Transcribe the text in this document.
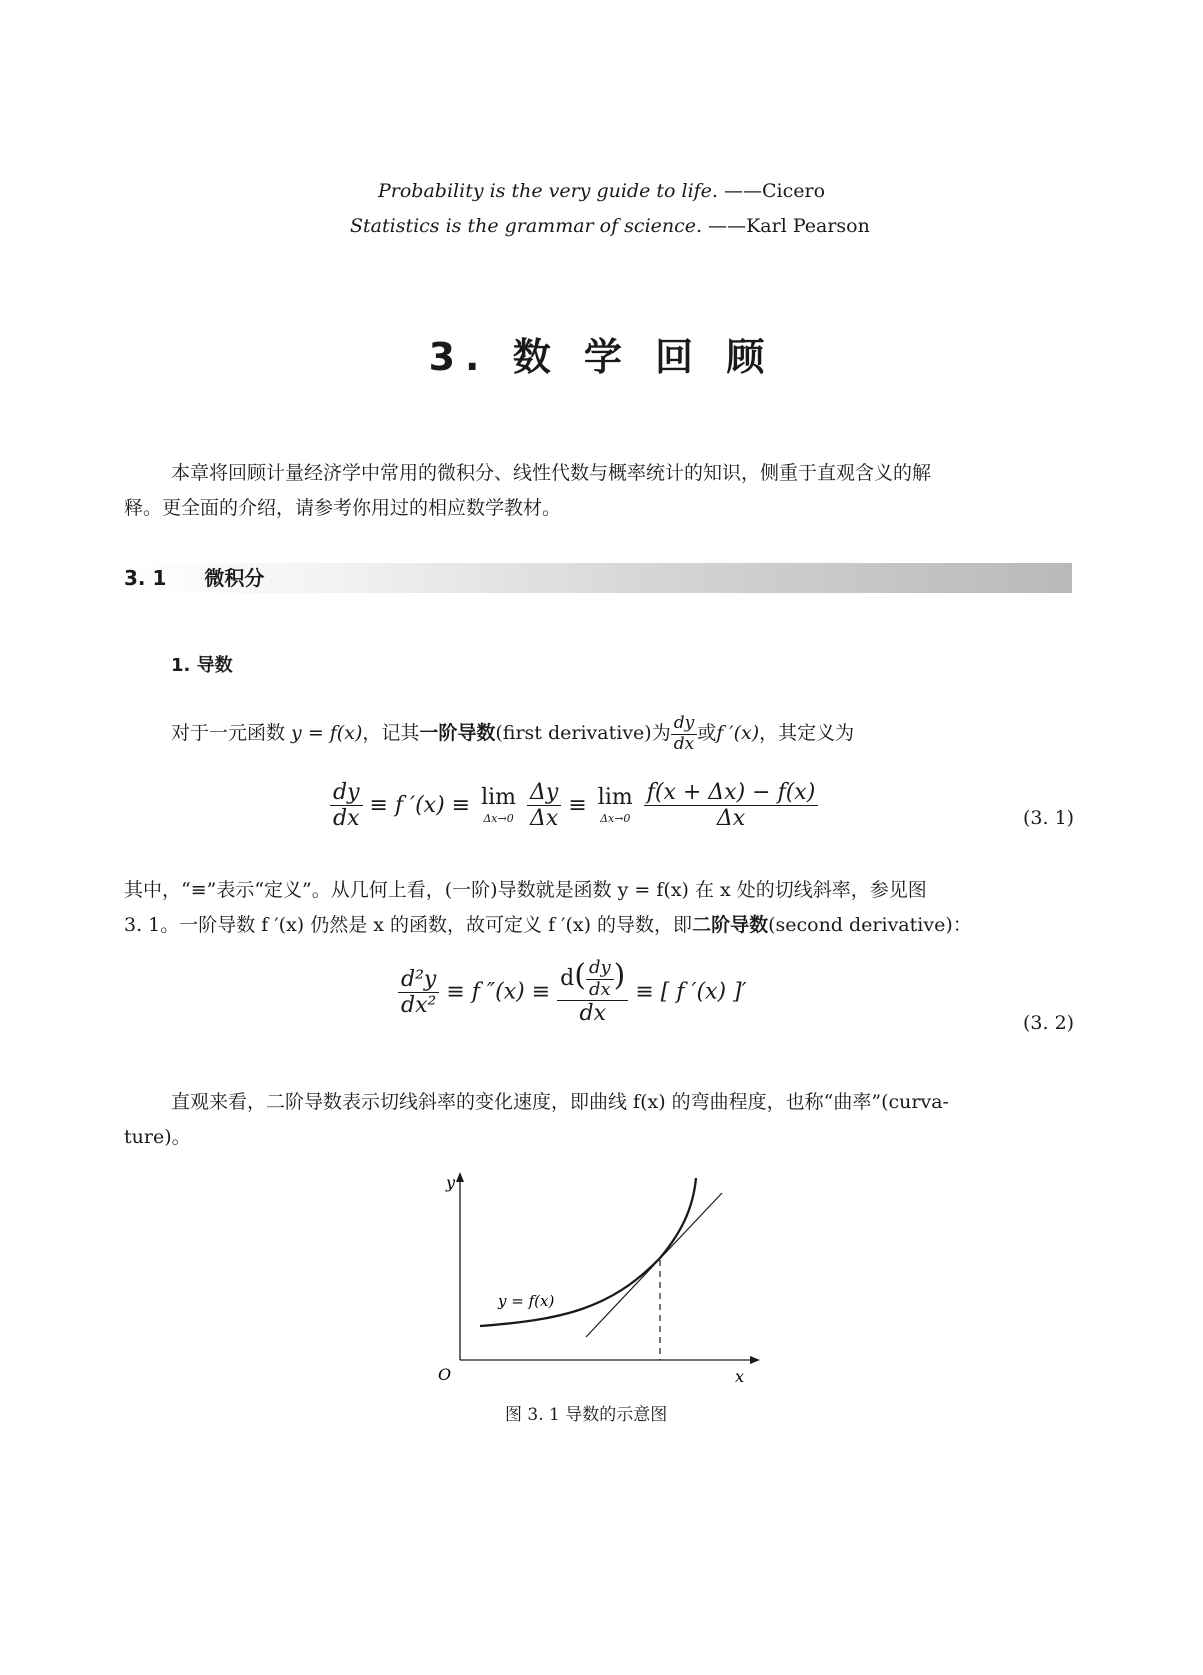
Probability is the very guide to life. ——Cicero
Statistics is the grammar of science. ——Karl Pearson
3. 数 学 回 顾
本章将回顾计量经济学中常用的微积分、线性代数与概率统计的知识，侧重于直观含义的解
释。更全面的介绍，请参考你用过的相应数学教材。
3. 1 微积分
1. 导数
对于一元函数 y = f(x)，记其一阶导数(first derivative)为 $\frac{dy}{dx}$ 或f ′(x)，其定义为
$\frac{dy}{dx} \equiv f$ ′(x) ≡ lim
Δx→0
$\frac{\Delta y}{\Delta x} \equiv \lim$
Δx→0
$\frac{f(x + \Delta x) - f(x)}{\Delta x}$	(3. 1)
其中，“≡”表示“定义”。从几何上看，(一阶)导数就是函数 y = f(x) 在 x 处的切线斜率，参见图
3. 1。一阶导数 f ′(x) 仍然是 x 的函数，故可定义 f ′(x) 的导数，即二阶导数(second derivative)：
$\frac{\text{d²y}}{\text{dx²}} \equiv f$ $''(x) \equiv \frac{d( \frac{dy}{dx} )}{dx}$ ≡ [ f ′(x) ]′
(3. 2)
直观来看，二阶导数表示切线斜率的变化速度，即曲线 f(x) 的弯曲程度，也称“曲率”(curva-
ture)。
y
x
O
y = f(x)
图 3. 1 导数的示意图
